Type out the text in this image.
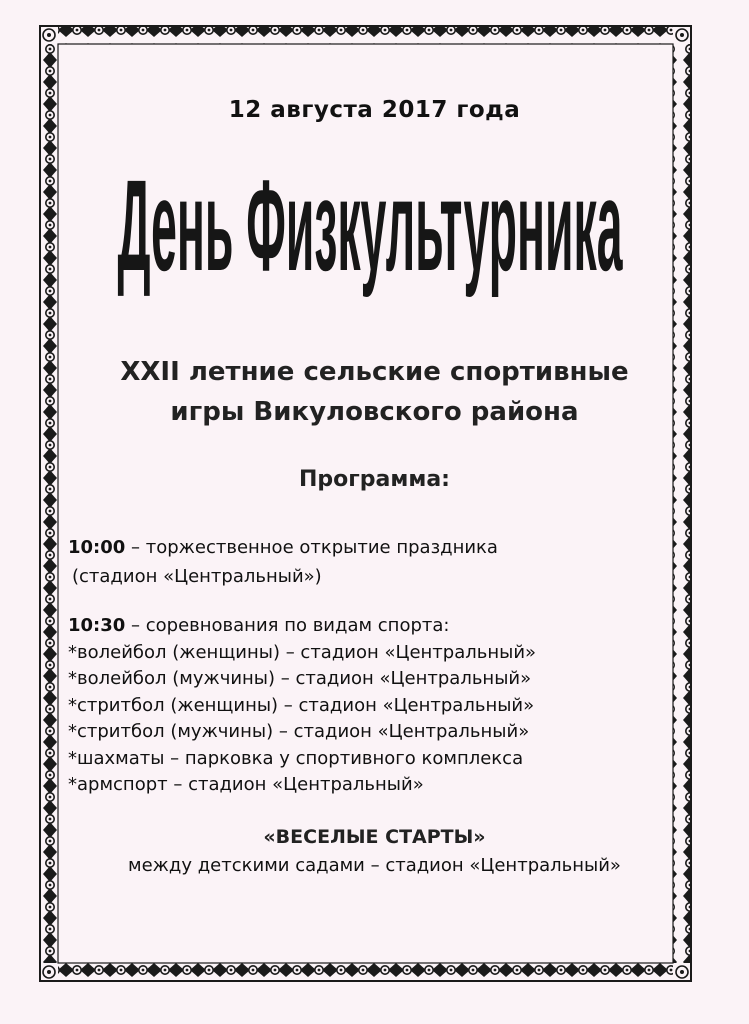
12 августа 2017 года
День Физкультурника
XXII летние сельские спортивные
игры Викуловского района
Программа:
10:00 – торжественное открытие праздника
(стадион «Центральный»)
10:30 – соревнования по видам спорта:
*волейбол (женщины) – стадион «Центральный»
*волейбол (мужчины) – стадион «Центральный»
*стритбол (женщины) – стадион «Центральный»
*стритбол (мужчины) – стадион «Центральный»
*шахматы – парковка у спортивного комплекса
*армспорт – стадион «Центральный»
«ВЕСЕЛЫЕ СТАРТЫ»
между детскими садами – стадион «Центральный»
